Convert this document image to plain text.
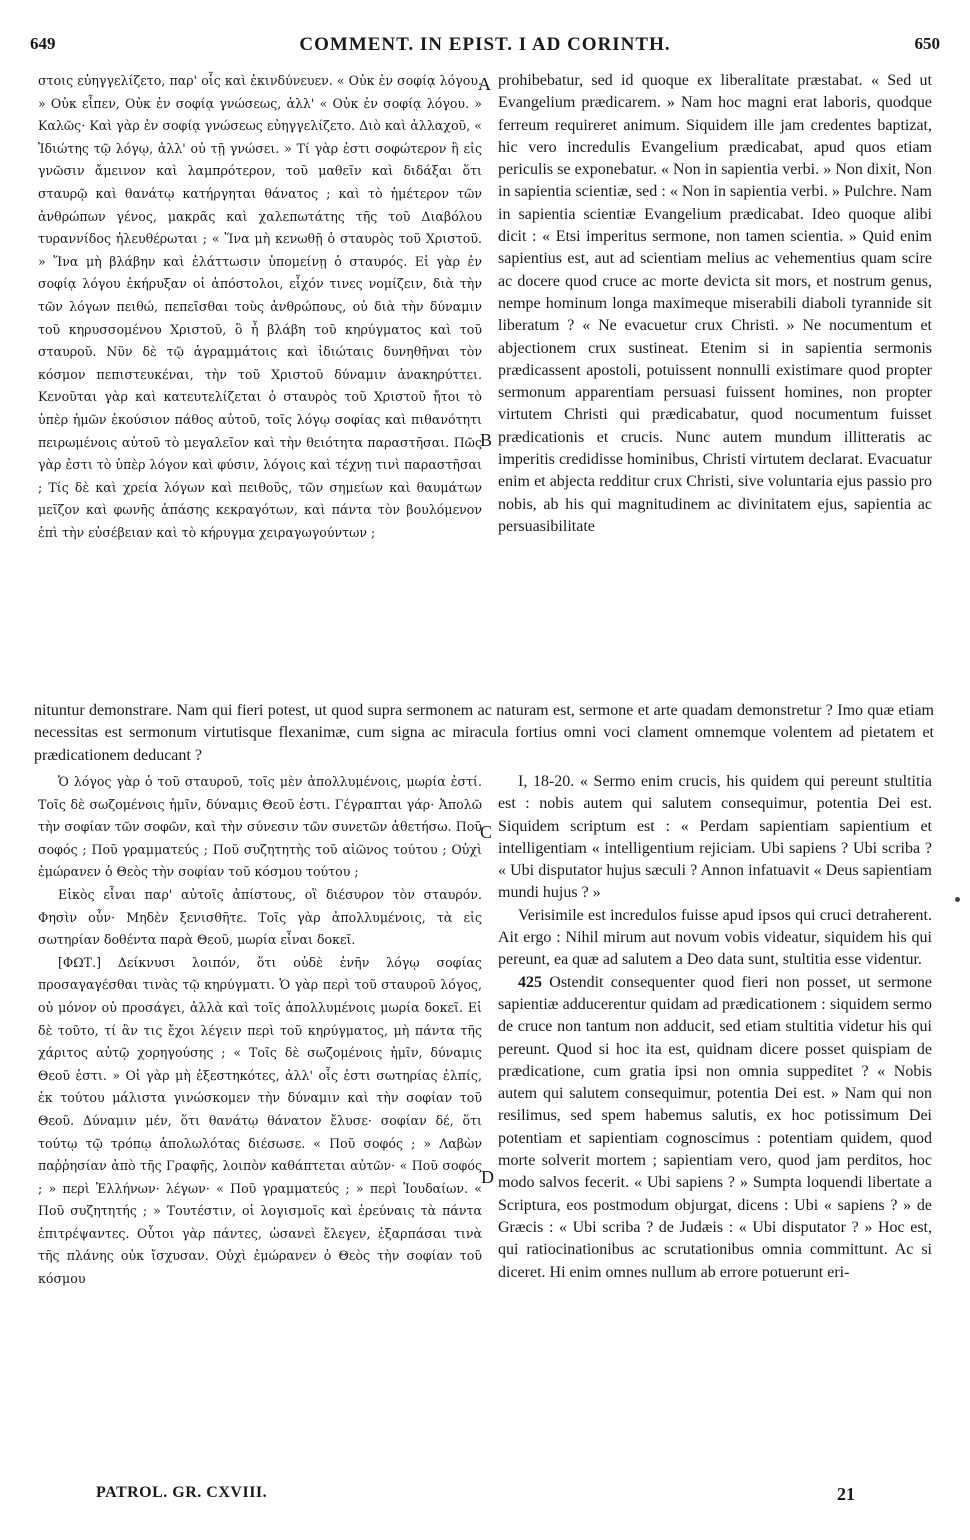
649	COMMENT. IN EPIST. I AD CORINTH.	650

στοις εὐηγγελίζετο, παρ' οἷς καὶ ἐκινδύνευεν. « Οὐκ ἐν σοφίᾳ λόγου. » Οὐκ εἶπεν, Οὐκ ἐν σοφίᾳ γνώσεως, ἀλλ' « Οὐκ ἐν σοφίᾳ λόγου. » Καλῶς· Καὶ γὰρ ἐν σοφίᾳ γνώσεως εὐηγγελίζετο. Διὸ καὶ ἀλλαχοῦ, « Ἰδιώτης τῷ λόγῳ, ἀλλ' οὐ τῇ γνώσει. » Τί γὰρ ἐστι σοφώτερον ἢ εἰς γνῶσιν ἄμεινον καὶ λαμπρότερον, τοῦ μαθεῖν καὶ διδάξαι ὅτι σταυρῷ καὶ θανάτῳ κατήργηται θάνατος ; καὶ τὸ ἡμέτερον τῶν ἀνθρώπων γένος, μακρᾶς καὶ χαλεπωτάτης τῆς τοῦ Διαβόλου τυραννίδος ἠλευθέρωται ; « Ἵνα μὴ κενωθῇ ὁ σταυρὸς τοῦ Χριστοῦ. » Ἵνα μὴ βλάβην καὶ ἐλάττωσιν ὑπομείνῃ ὁ σταυρός. Εἰ γὰρ ἐν σοφίᾳ λόγου ἐκήρυξαν οἱ ἀπόστολοι, εἶχόν τινες νομίζειν, διὰ τὴν τῶν λόγων πειθώ, πεπεῖσθαι τοὺς ἀνθρώπους, οὐ διὰ τὴν δύναμιν τοῦ κηρυσσομένου Χριστοῦ, ὃ ἦ βλάβη τοῦ κηρύγματος καὶ τοῦ σταυροῦ. Νῦν δὲ τῷ ἀγραμμάτοις καὶ ἰδιώταις δυνηθῆναι τὸν κόσμον πεπιστευκέναι, τὴν τοῦ Χριστοῦ δύναμιν ἀνακηρύττει. Κενοῦται γὰρ καὶ κατευτελίζεται ὁ σταυρὸς τοῦ Χριστοῦ ἤτοι τὸ ὑπὲρ ἡμῶν ἑκούσιον πάθος αὐτοῦ, τοῖς λόγῳ σοφίας καὶ πιθανότητι πειρωμένοις αὐτοῦ τὸ μεγαλεῖον καὶ τὴν θειότητα παραστῆσαι. Πῶς γὰρ ἐστι τὸ ὑπὲρ λόγον καὶ φύσιν, λόγοις καὶ τέχνῃ τινὶ παραστῆσαι ; Τίς δὲ καὶ χρεία λόγων καὶ πειθοῦς, τῶν σημείων καὶ θαυμάτων μεῖζον καὶ φωνῆς ἁπάσης κεκραγότων, καὶ πάντα τὸν βουλόμενον ἐπὶ τὴν εὐσέβειαν καὶ τὸ κήρυγμα χειραγωγούντων ;

prohibebatur, sed id quoque ex liberalitate præstabat. « Sed ut Evangelium prædicarem. » Nam hoc magni erat laboris, quodque ferreum requireret animum. Siquidem ille jam credentes baptizat, hic vero incredulis Evangelium prædicabat, apud quos etiam periculis se exponebatur. « Non in sapientia verbi. » Non dixit, Non in sapientia scientiæ, sed : « Non in sapientia verbi. » Pulchre. Nam in sapientia scientiæ Evangelium prædicabat. Ideo quoque alibi dicit : « Etsi imperitus sermone, non tamen scientia. » Quid enim sapientius est, aut ad scientiam melius ac vehementius quam scire ac docere quod cruce ac morte devicta sit mors, et nostrum genus, nempe hominum longa maximeque miserabili diaboli tyrannide sit liberatum ? « Ne evacuetur crux Christi. » Ne nocumentum et abjectionem crux sustineat. Etenim si in sapientia sermonis prædicassent apostoli, potuissent nonnulli existimare quod propter sermonum apparentiam persuasi fuissent homines, non propter virtutem Christi qui prædicabatur, quod nocumentum fuisset prædicationis et crucis. Nunc autem mundum illitteratis ac imperitis credidisse hominibus, Christi virtutem declarat. Evacuatur enim et abjecta redditur crux Christi, sive voluntaria ejus passio pro nobis, ab his qui magnitudinem ac divinitatem ejus, sapientia ac persuasibilitate

nituntur demonstrare. Nam qui fieri potest, ut quod supra sermonem ac naturam est, sermone et arte quadam demonstretur ? Imo quæ etiam necessitas est sermonum virtutisque flexanimæ, cum signa ac miracula fortius omni voci clament omnemque volentem ad pietatem et prædicationem deducant ?

Ὁ λόγος γὰρ ὁ τοῦ σταυροῦ, τοῖς μὲν ἀπολλυμένοις, μωρία ἐστί. Τοῖς δὲ σωζομένοις ἡμῖν, δύναμις Θεοῦ ἐστι. Γέγραπται γάρ· Ἀπολῶ τὴν σοφίαν τῶν σοφῶν, καὶ τὴν σύνεσιν τῶν συνετῶν ἀθετήσω. Ποῦ σοφός ; Ποῦ γραμματεύς ; Ποῦ συζητητὴς τοῦ αἰῶνος τούτου ; Οὐχὶ ἐμώρανεν ὁ Θεὸς τὴν σοφίαν τοῦ κόσμου τούτου ;

Εἰκὸς εἶναι παρ' αὐτοῖς ἀπίστους, οἳ διέσυρον τὸν σταυρόν. Φησὶν οὖν· Μηδὲν ξενισθῆτε. Τοῖς γὰρ ἀπολλυμένοις, τὰ εἰς σωτηρίαν δοθέντα παρὰ Θεοῦ, μωρία εἶναι δοκεῖ.

[ΦΩΤ.] Δείκνυσι λοιπόν, ὅτι οὐδὲ ἐνῆν λόγῳ σοφίας προσαγαγέσθαι τινὰς τῷ κηρύγματι. Ὁ γὰρ περὶ τοῦ σταυροῦ λόγος, οὐ μόνον οὐ προσάγει, ἀλλὰ καὶ τοῖς ἀπολλυμένοις μωρία δοκεῖ. Εἰ δὲ τοῦτο, τί ἂν τις ἔχοι λέγειν περὶ τοῦ κηρύγματος, μὴ πάντα τῆς χάριτος αὐτῷ χορηγούσης ; « Τοῖς δὲ σωζομένοις ἡμῖν, δύναμις Θεοῦ ἐστι. » Οἱ γὰρ μὴ ἐξεστηκότες, ἀλλ' οἷς ἐστι σωτηρίας ἐλπίς, ἐκ τούτου μάλιστα γινώσκομεν τὴν δύναμιν καὶ τὴν σοφίαν τοῦ Θεοῦ. Δύναμιν μέν, ὅτι θανάτῳ θάνατον ἔλυσε· σοφίαν δέ, ὅτι τούτῳ τῷ τρόπῳ ἀπολωλότας διέσωσε. « Ποῦ σοφός ; » Λαβὼν παῤῥησίαν ἀπὸ τῆς Γραφῆς, λοιπὸν καθάπτεται αὐτῶν· « Ποῦ σοφός ; » περὶ Ἑλλήνων· λέγων· « Ποῦ γραμματεύς ; » περὶ Ἰουδαίων. « Ποῦ συζητητής ; » Τουτέστιν, οἱ λογισμοῖς καὶ ἐρεύναις τὰ πάντα ἐπιτρέψαντες. Οὗτοι γὰρ πάντες, ὡσανεὶ ἔλεγεν, ἐξαρπάσαι τινὰ τῆς πλάνης οὐκ ἴσχυσαν. Οὐχὶ ἐμώρανεν ὁ Θεὸς τὴν σοφίαν τοῦ κόσμου

I, 18-20. « Sermo enim crucis, his quidem qui pereunt stultitia est : nobis autem qui salutem consequimur, potentia Dei est. Siquidem scriptum est : « Perdam sapientiam sapientium et intelligentiam « intelligentium rejiciam. Ubi sapiens ? Ubi scriba ? « Ubi disputator hujus sæculi ? Annon infatuavit « Deus sapientiam mundi hujus ? »

Verisimile est incredulos fuisse apud ipsos qui cruci detraherent. Ait ergo : Nihil mirum aut novum vobis videatur, siquidem his qui pereunt, ea quæ ad salutem a Deo data sunt, stultitia esse videntur.

425 Ostendit consequenter quod fieri non posset, ut sermone sapientiæ adducerentur quidam ad prædicationem : siquidem sermo de cruce non tantum non adducit, sed etiam stultitia videtur his qui pereunt. Quod si hoc ita est, quidnam dicere posset quispiam de prædicatione, cum gratia ipsi non omnia suppeditet ? « Nobis autem qui salutem consequimur, potentia Dei est. » Nam qui non resilimus, sed spem habemus salutis, ex hoc potissimum Dei potentiam et sapientiam cognoscimus : potentiam quidem, quod morte solverit mortem ; sapientiam vero, quod jam perditos, hoc modo salvos fecerit. « Ubi sapiens ? » Sumpta loquendi libertate a Scriptura, eos postmodum objurgat, dicens : Ubi « sapiens ? » de Græcis : « Ubi scriba ? de Judæis : « Ubi disputator ? » Hoc est, qui ratiocinationibus ac scrutationibus omnia committunt. Ac si diceret. Hi enim omnes nullum ab errore potuerunt eri-

A
B
C
D
PATROL. GR. CXVIII.	21
